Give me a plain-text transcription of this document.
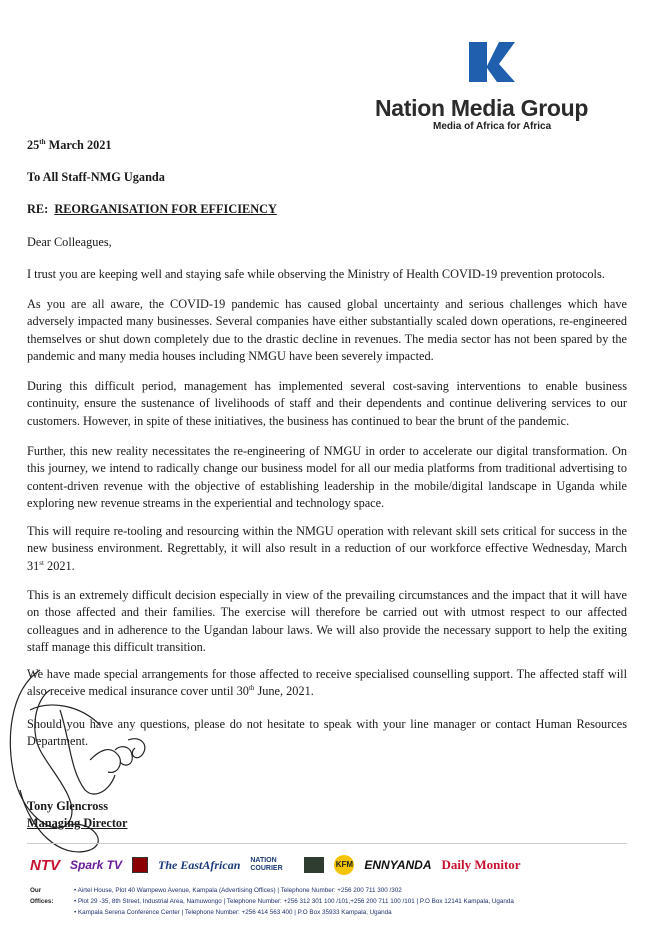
Nation Media Group
Media of Africa for Africa
25th March 2021
To All Staff-NMG Uganda
RE: REORGANISATION FOR EFFICIENCY
Dear Colleagues,
I trust you are keeping well and staying safe while observing the Ministry of Health COVID-19 prevention protocols.
As you are all aware, the COVID-19 pandemic has caused global uncertainty and serious challenges which have adversely impacted many businesses. Several companies have either substantially scaled down operations, re-engineered themselves or shut down completely due to the drastic decline in revenues. The media sector has not been spared by the pandemic and many media houses including NMGU have been severely impacted.
During this difficult period, management has implemented several cost-saving interventions to enable business continuity, ensure the sustenance of livelihoods of staff and their dependents and continue delivering services to our customers. However, in spite of these initiatives, the business has continued to bear the brunt of the pandemic.
Further, this new reality necessitates the re-engineering of NMGU in order to accelerate our digital transformation. On this journey, we intend to radically change our business model for all our media platforms from traditional advertising to content-driven revenue with the objective of establishing leadership in the mobile/digital landscape in Uganda while exploring new revenue streams in the experiential and technology space.
This will require re-tooling and resourcing within the NMGU operation with relevant skill sets critical for success in the new business environment. Regrettably, it will also result in a reduction of our workforce effective Wednesday, March 31st 2021.
This is an extremely difficult decision especially in view of the prevailing circumstances and the impact that it will have on those affected and their families. The exercise will therefore be carried out with utmost respect to our affected colleagues and in adherence to the Ugandan labour laws. We will also provide the necessary support to help the exiting staff manage this difficult transition.
We have made special arrangements for those affected to receive specialised counselling support. The affected staff will also receive medical insurance cover until 30th June, 2021.
Should you have any questions, please do not hesitate to speak with your line manager or contact Human Resources Department.
Tony Glencross
Managing Director
NTV Spark TV	The EastAfrican NATION COURIER	KFM ENNYANDA Daily Monitor
Our Offices:
• Airtel House, Plot 40 Wampewo Avenue, Kampala (Advertising Offices) | Telephone Number: +256 200 711 300 /302
• Plot 29 -35, 8th Street, Industrial Area, Namuwongo | Telephone Number: +256 312 301 100 /101,+256 200 711 100 /101 | P.O Box 12141 Kampala, Uganda
• Kampala Serena Conference Center | Telephone Number: +256 414 563 400 | P.O Box 35933 Kampala, Uganda
